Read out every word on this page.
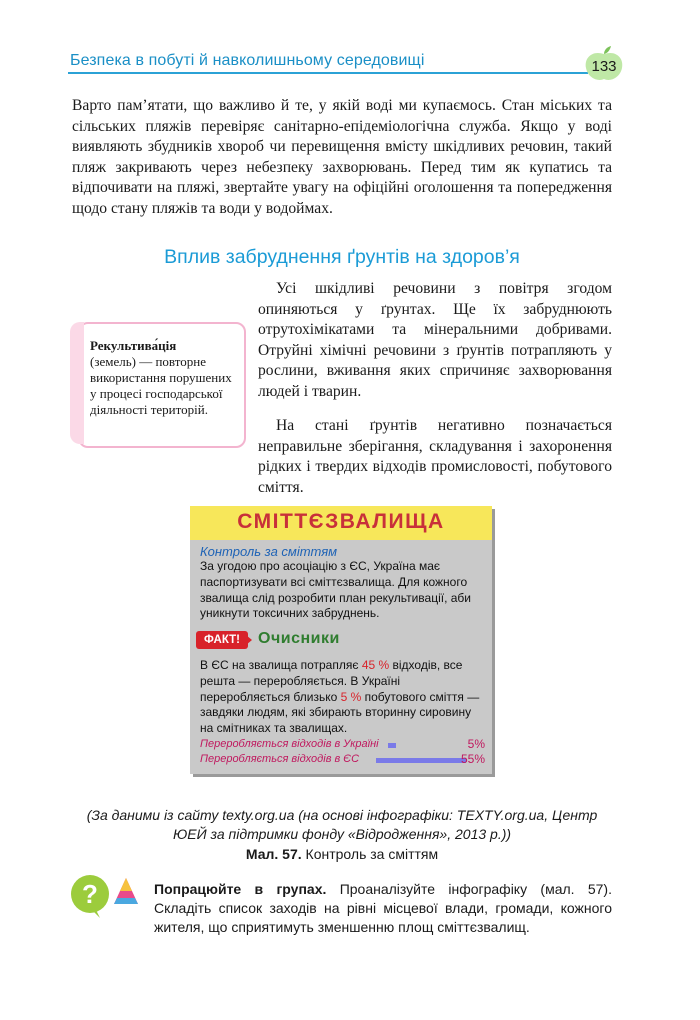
Безпека в побуті й навколишньому середовищі	133
Варто пам’ятати, що важливо й те, у якій воді ми купаємось. Стан міських та сільських пляжів перевіряє санітарно-епідеміологічна служба. Якщо у воді виявляють збудників хвороб чи перевищення вмісту шкідливих речовин, такий пляж закривають через небезпеку захворювань. Перед тим як купатись та відпочивати на пляжі, звертайте увагу на офіційні оголошення та попередження щодо стану пляжів та води у водоймах.
Вплив забруднення ґрунтів на здоров’я
Рекультива́ція
(земель) — повторне використання порушених у процесі господарської діяльності територій.
Усі шкідливі речовини з повітря згодом опиняються у ґрунтах. Ще їх забруднюють отрутохімікатами та мінеральними добривами. Отруйні хімічні речовини з ґрунтів потрапляють у рослини, вживання яких спричиняє захворювання людей і тварин.
На стані ґрунтів негативно позначається неправильне зберігання, складування і захоронення рідких і твердих відходів промисловості, побутового сміття.
СМІТТЄЗВАЛИЩА
Контроль за сміттям
За угодою про асоціацію з ЄС, Україна має паспортизувати всі сміттєзвалища. Для кожного звалища слід розробити план рекультивації, аби уникнути токсичних забруднень.
В ЄС на звалища потрапляє 45 % відходів, все решта — переробляється. В Україні переробляється близько 5 % побутового сміття — завдяки людям, які збирають вторинну сировину на смітниках та звалищах.
Переробляється відходів в Україні	5%
Переробляється відходів в ЄС	55%
ФАКТ!	Очисники
(За даними із сайту texty.org.ua (на основі інфографіки: TEXTY.org.ua, Центр ЮЕЙ за підтримки фонду «Відродження», 2013 р.))
Мал. 57. Контроль за сміттям
?	Попрацюйте в групах. Проаналізуйте інфографіку (мал. 57). Складіть список заходів на рівні місцевої влади, громади, кожного жителя, що сприятимуть зменшенню площ сміттєзвалищ.
